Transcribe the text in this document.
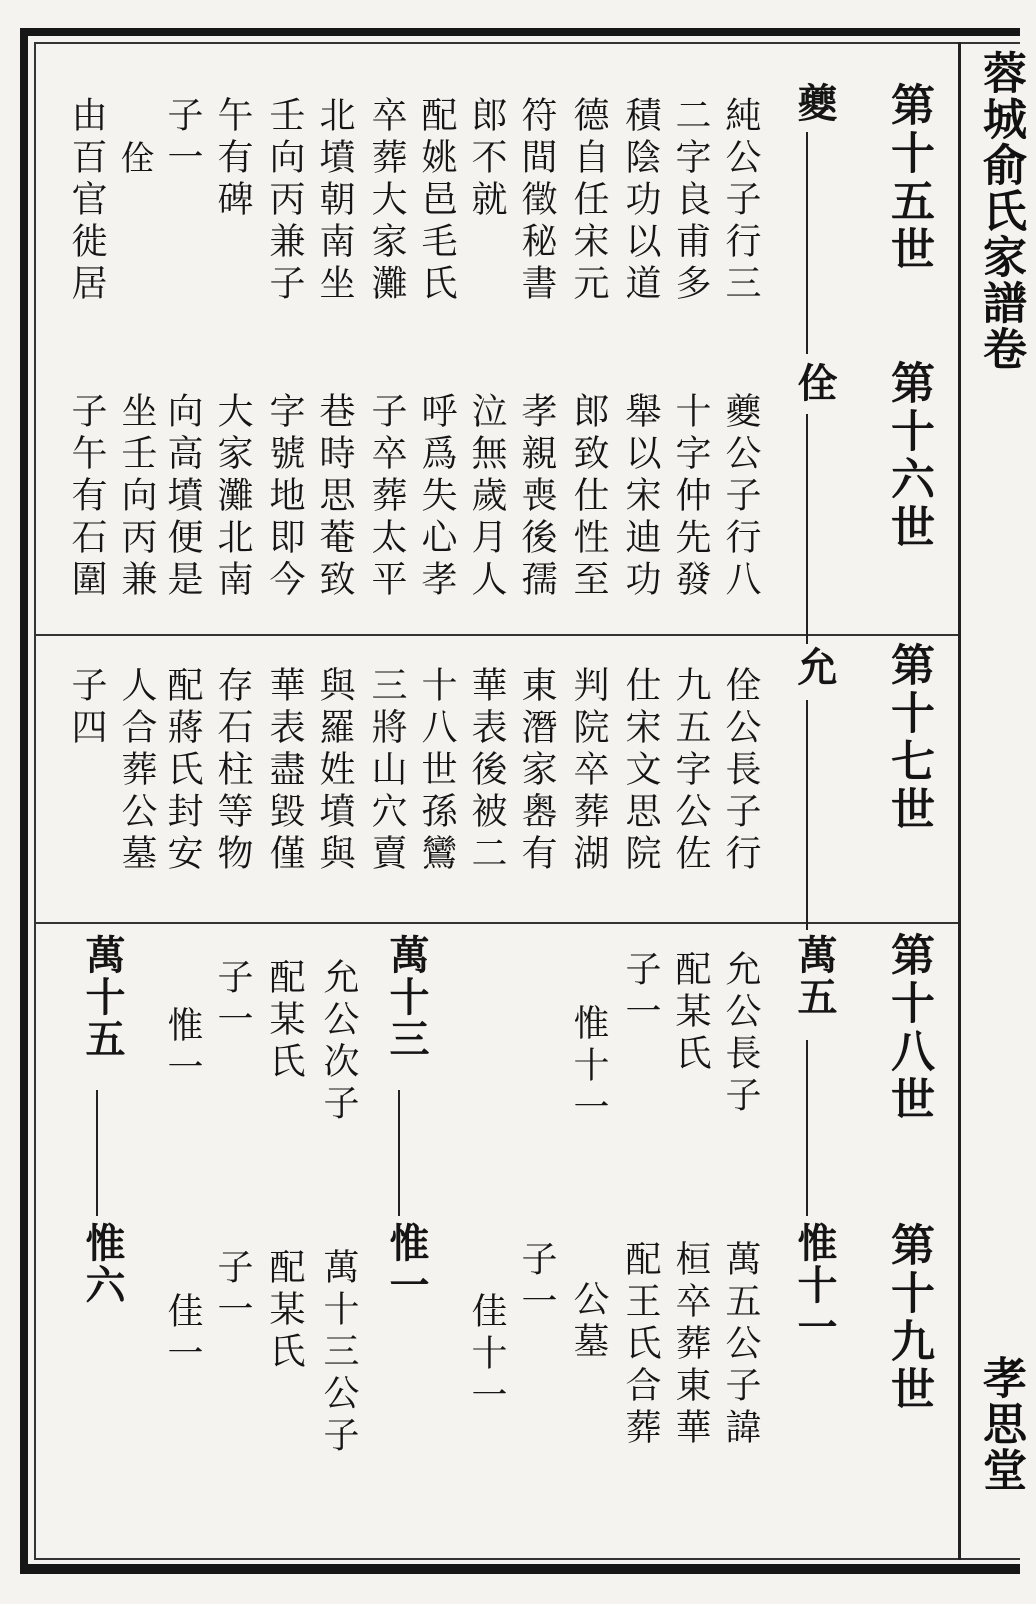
蓉城俞氏家譜卷
孝思堂
第十五世
第十六世
第十七世
第十八世
第十九世
夔
佺
純公子行三
二字良甫多
積陰功以道
德自任宋元
符間徵秘書
郎不就
配姚邑毛氏
卒葬大家灘
北墳朝南坐
壬向丙兼子
午有碑
子一
佺
由百官徙居
夔公子行八
十字仲先發
舉以宋迪功
郎致仕性至
孝親喪後孺
泣無歲月人
呼爲失心孝
子卒葬太平
巷時思菴致
字號地即今
大家灘北南
向高墳便是
坐壬向丙兼
子午有石圍
允
佺公長子行
九五字公佐
仕宋文思院
判院卒葬湖
東潛家嶴有
華表後被二
十八世孫鸞
三將山穴賣
與羅姓墳與
華表盡毀僅
存石柱等物
配蔣氏封安
人合葬公墓
子四
萬五
惟十一
允公長子
配某氏
子一
惟十一
萬五公子諱
桓卒葬東華
公墓 配王氏合葬
子一
佳十一
萬十三
惟一
允公次子
配某氏
子一
惟一
萬十三公子
配某氏
子一
佳一
萬十五
惟六
